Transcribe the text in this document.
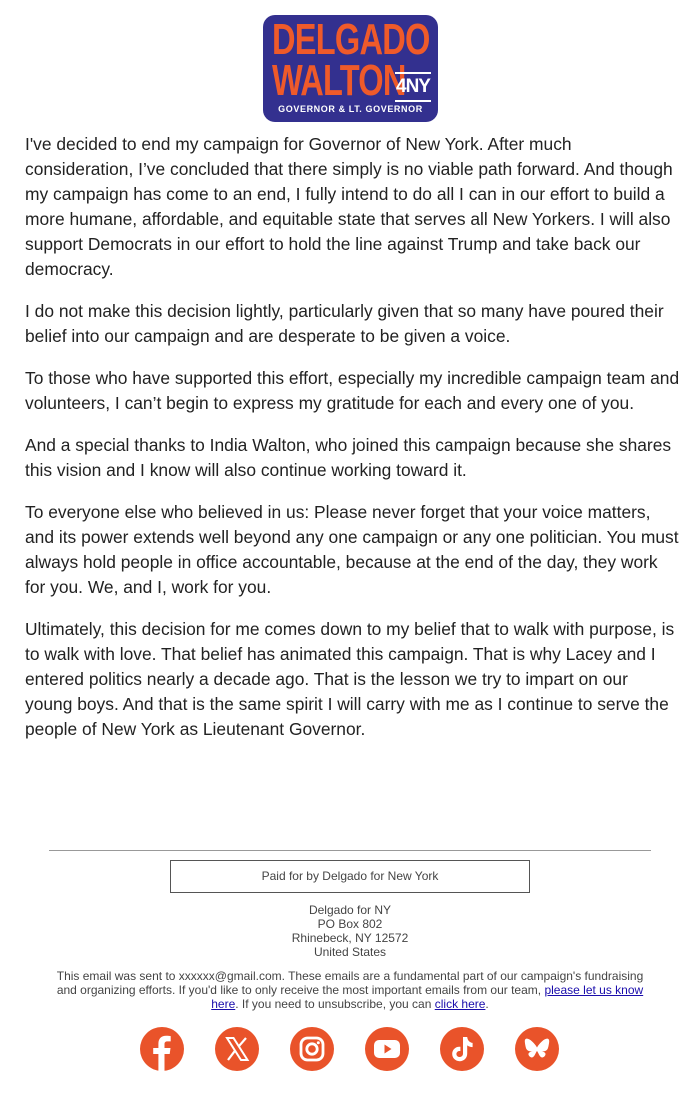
DELGADO
WALTON
4NY
GOVERNOR & LT. GOVERNOR

I've decided to end my campaign for Governor of New York. After much consideration, I’ve concluded that there simply is no viable path forward. And though my campaign has come to an end, I fully intend to do all I can in our effort to build a more humane, affordable, and equitable state that serves all New Yorkers. I will also support Democrats in our effort to hold the line against Trump and take back our democracy.

I do not make this decision lightly, particularly given that so many have poured their belief into our campaign and are desperate to be given a voice.

To those who have supported this effort, especially my incredible campaign team and volunteers, I can’t begin to express my gratitude for each and every one of you.

And a special thanks to India Walton, who joined this campaign because she shares this vision and I know will also continue working toward it.

To everyone else who believed in us: Please never forget that your voice matters, and its power extends well beyond any one campaign or any one politician. You must always hold people in office accountable, because at the end of the day, they work for you. We, and I, work for you.

Ultimately, this decision for me comes down to my belief that to walk with purpose, is to walk with love. That belief has animated this campaign. That is why Lacey and I entered politics nearly a decade ago. That is the lesson we try to impart on our young boys. And that is the same spirit I will carry with me as I continue to serve the people of New York as Lieutenant Governor.

Paid for by Delgado for New York
Delgado for NY
PO Box 802
Rhinebeck, NY 12572
United States
This email was sent to xxxxxx@gmail.com. These emails are a fundamental part of our campaign's fundraising and organizing efforts. If you'd like to only receive the most important emails from our team, please let us know here. If you need to unsubscribe, you can click here.
